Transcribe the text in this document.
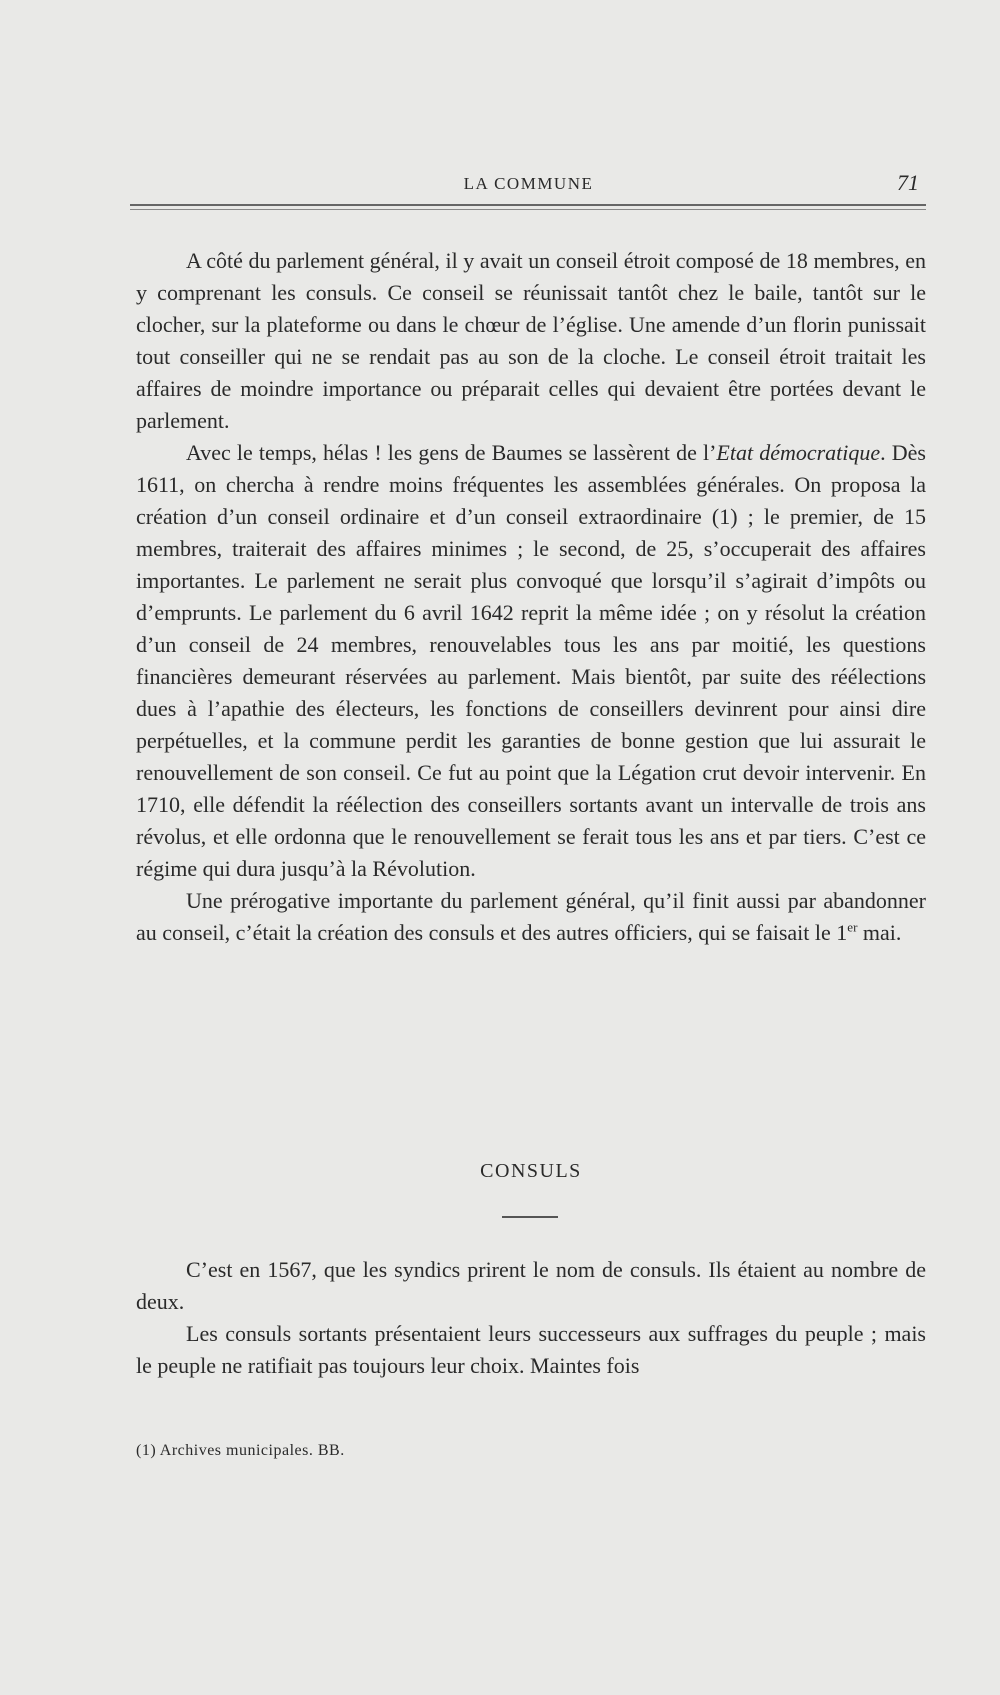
LA COMMUNE	71

A côté du parlement général, il y avait un conseil étroit composé de 18 membres, en y comprenant les consuls. Ce conseil se réunissait tantôt chez le baile, tantôt sur le clocher, sur la plateforme ou dans le chœur de l’église. Une amende d’un florin punissait tout conseiller qui ne se rendait pas au son de la cloche. Le conseil étroit traitait les affaires de moindre importance ou préparait celles qui devaient être portées devant le parlement.

Avec le temps, hélas ! les gens de Baumes se lassèrent de l’Etat démocratique. Dès 1611, on chercha à rendre moins fréquentes les assemblées générales. On proposa la création d’un conseil ordinaire et d’un conseil extraordinaire (1) ; le premier, de 15 membres, traiterait des affaires minimes ; le second, de 25, s’occuperait des affaires importantes. Le parlement ne serait plus convoqué que lorsqu’il s’agirait d’impôts ou d’emprunts. Le parlement du 6 avril 1642 reprit la même idée ; on y résolut la création d’un conseil de 24 membres, renouvelables tous les ans par moitié, les questions financières demeurant réservées au parlement. Mais bientôt, par suite des réélections dues à l’apathie des électeurs, les fonctions de conseillers devinrent pour ainsi dire perpétuelles, et la commune perdit les garanties de bonne gestion que lui assurait le renouvellement de son conseil. Ce fut au point que la Légation crut devoir intervenir. En 1710, elle défendit la réélection des conseillers sortants avant un intervalle de trois ans révolus, et elle ordonna que le renouvellement se ferait tous les ans et par tiers. C’est ce régime qui dura jusqu’à la Révolution.

Une prérogative importante du parlement général, qu’il finit aussi par abandonner au conseil, c’était la création des consuls et des autres officiers, qui se faisait le 1er mai.

CONSULS

C’est en 1567, que les syndics prirent le nom de consuls. Ils étaient au nombre de deux.

Les consuls sortants présentaient leurs successeurs aux suffrages du peuple ; mais le peuple ne ratifiait pas toujours leur choix. Maintes fois

(1) Archives municipales. BB.
